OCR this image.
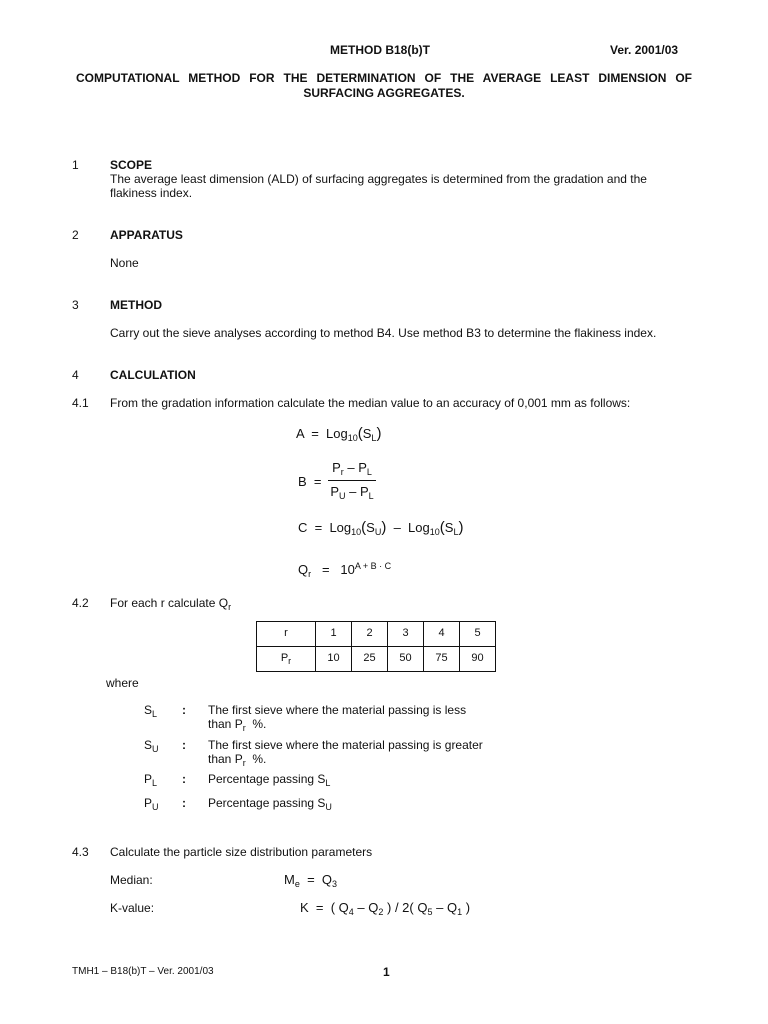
METHOD B18(b)T	Ver. 2001/03
COMPUTATIONAL METHOD FOR THE DETERMINATION OF THE AVERAGE LEAST DIMENSION OF
SURFACING AGGREGATES.
1	SCOPE
The average least dimension (ALD) of surfacing aggregates is determined from the gradation and the
flakiness index.
2	APPARATUS
None
3	METHOD
Carry out the sieve analyses according to method B4. Use method B3 to determine the flakiness index.
4	CALCULATION
4.1 From the gradation information calculate the median value to an accuracy of 0,001 mm as follows:
$A = Log_{10}(S_L)$
$B = \frac{P_r - P_L}{P_U - P_L}$
$C = Log_{10}(S_U) - Log_{10}(S_L)$
$Q_r = 10^{A + B \cdot C}$
4.2 For each r calculate $Q_r$
r	1	2	3	4	5
$P_r$	10	25	50	75	90
where
$S_L$ : The first sieve where the material passing is less
than $P_r$  %.
$S_U$ : The first sieve where the material passing is greater
than $P_r$  %.
$P_L$ : Percentage passing $S_L$
$P_U$ : Percentage passing $S_U$
4.3 Calculate the particle size distribution parameters
Median:	$M_e = Q_3$
K-value:	K = ( $Q_4 - Q_2$ ) / 2( $Q_5 - Q_1$ )
TMH1 – B18(b)T – Ver. 2001/03	1
